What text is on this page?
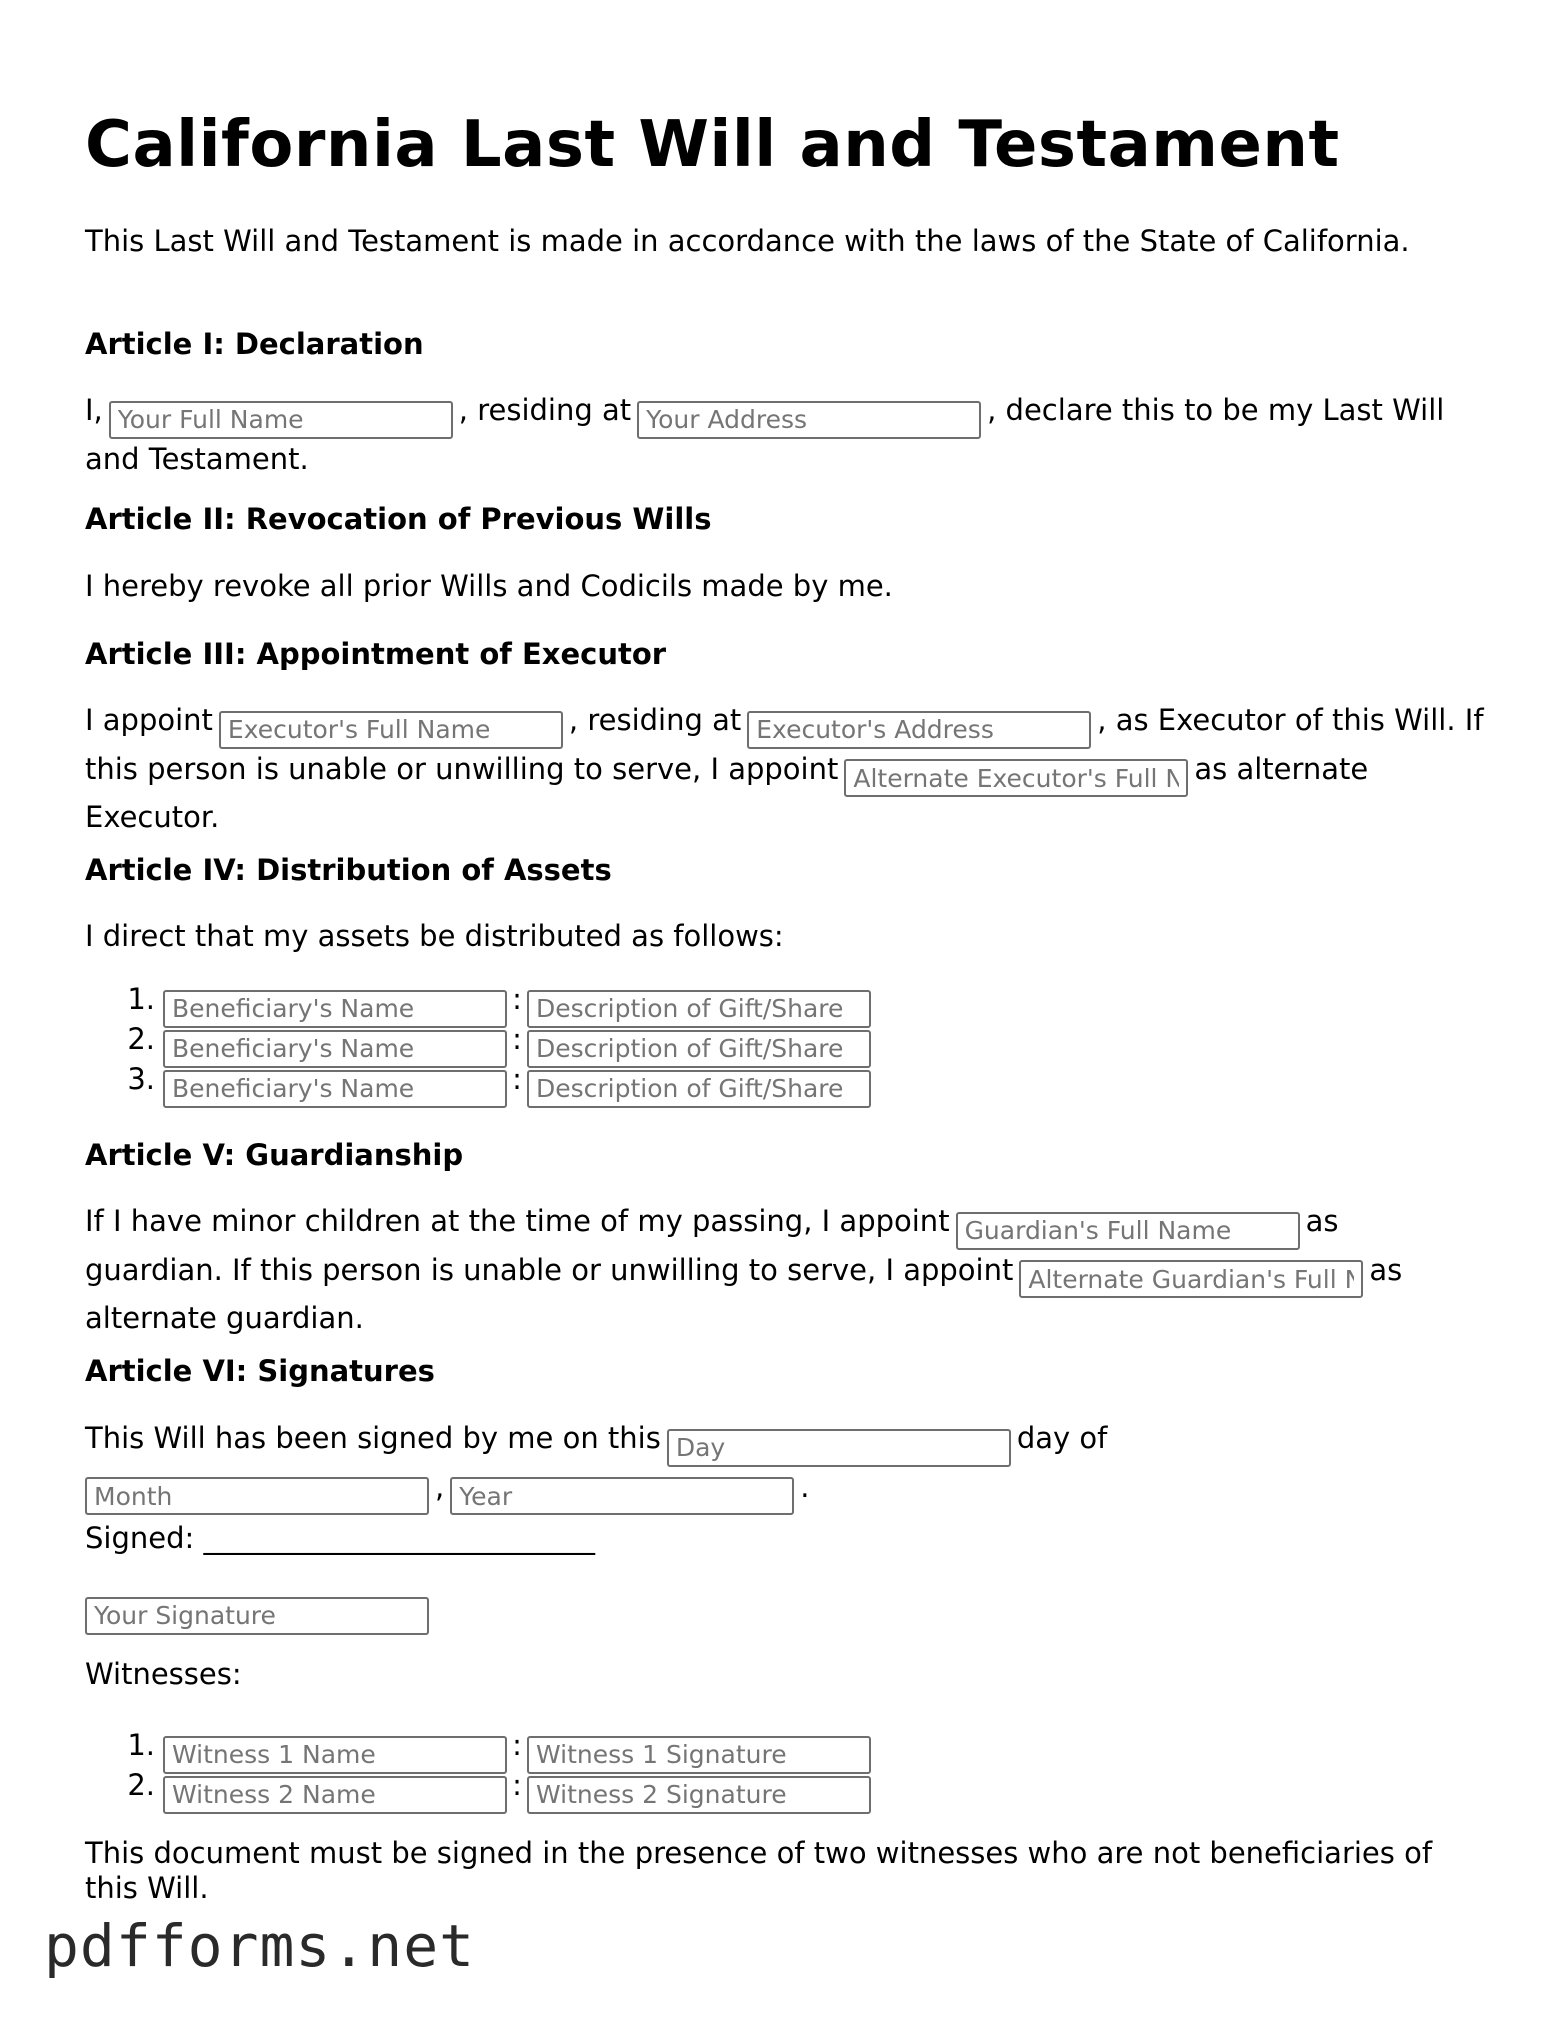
California Last Will and Testament

This Last Will and Testament is made in accordance with the laws of the State of California.

Article I: Declaration

I,Your Full Name	, residing atYour Address	, declare this to be my Last Will and Testament.

Article II: Revocation of Previous Wills

I hereby revoke all prior Wills and Codicils made by me.

Article III: Appointment of Executor

I appointExecutor's Full Name	, residing atExecutor's Address	, as Executor of this Will. If this person is unable or unwilling to serve, I appointAlternate Executor's Full Name	as alternate Executor.

Article IV: Distribution of Assets

I direct that my assets be distributed as follows:

1.Beneficiary's Name	:Description of Gift/Share
2.Beneficiary's Name	:Description of Gift/Share
3.Beneficiary's Name	:Description of Gift/Share
Article V: Guardianship

If I have minor children at the time of my passing, I appointGuardian's Full Name	as guardian. If this person is unable or unwilling to serve, I appointAlternate Guardian's Full Name	as alternate guardian.

Article VI: Signatures

This Will has been signed by me on thisDay	day of
Month,Year	.

Signed: ___________________________

Your Signature

Witnesses:

1.Witness 1 Name	:Witness 1 Signature
2.Witness 2 Name	:Witness 2 Signature

This document must be signed in the presence of two witnesses who are not beneficiaries of this Will.

pdfforms.net
